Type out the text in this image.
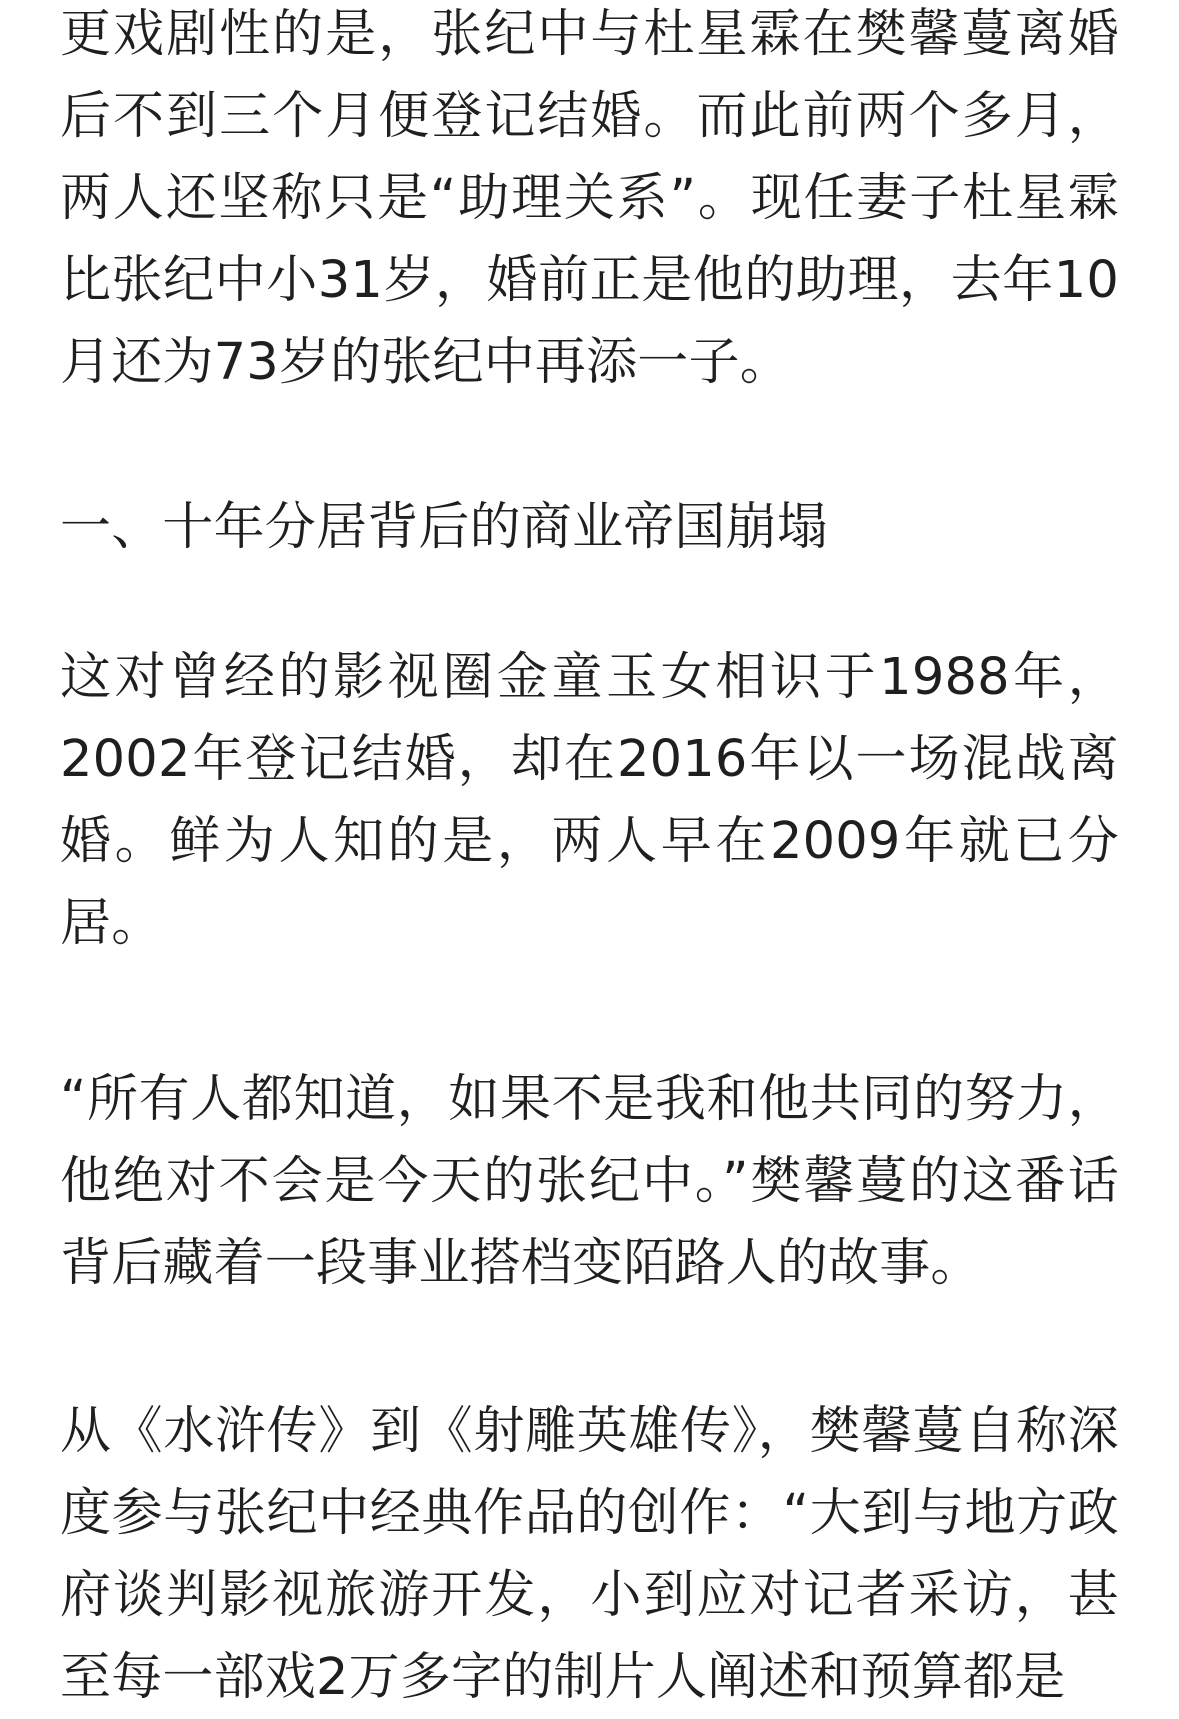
更戏剧性的是，张纪中与杜星霖在樊馨蔓离婚后不到三个月便登记结婚。而此前两个多月，两人还坚称只是“助理关系”。现任妻子杜星霖比张纪中小31岁，婚前正是他的助理，去年10月还为73岁的张纪中再添一子。

一、十年分居背后的商业帝国崩塌

这对曾经的影视圈金童玉女相识于1988年，2002年登记结婚，却在2016年以一场混战离婚。鲜为人知的是，两人早在2009年就已分居。

“所有人都知道，如果不是我和他共同的努力，他绝对不会是今天的张纪中。”樊馨蔓的这番话背后藏着一段事业搭档变陌路人的故事。

从《水浒传》到《射雕英雄传》，樊馨蔓自称深度参与张纪中经典作品的创作：“大到与地方政府谈判影视旅游开发，小到应对记者采访，甚至每一部戏2万多字的制片人阐述和预算都是
